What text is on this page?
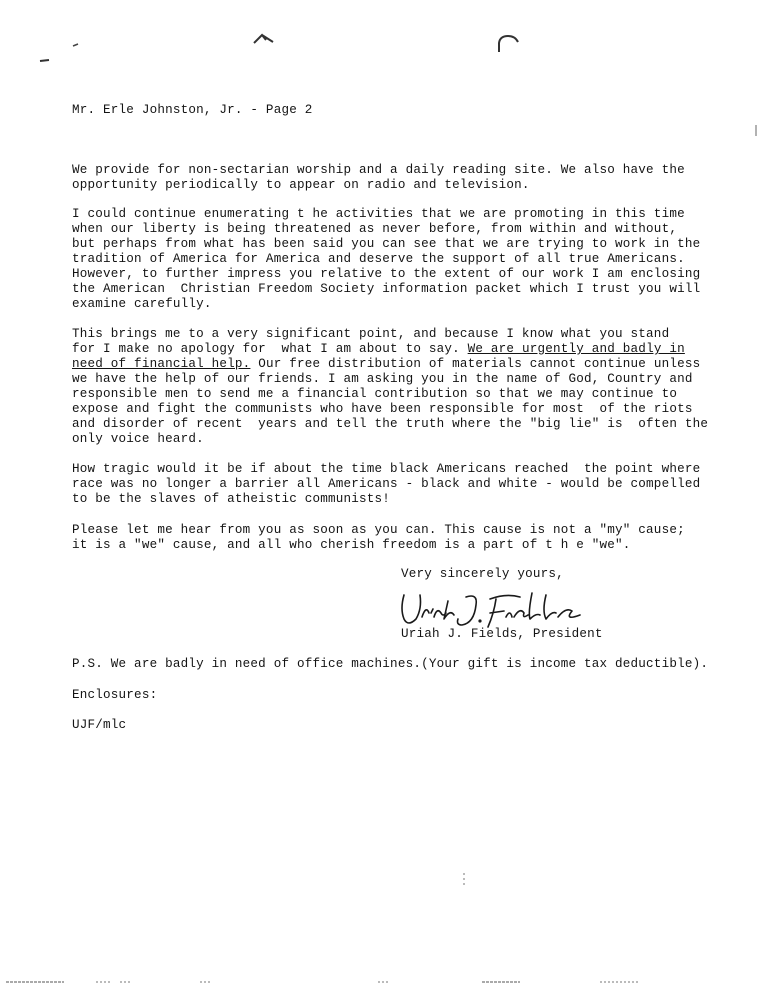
Mr. Erle Johnston, Jr. - Page 2
We provide for non-sectarian worship and a daily reading site. We also have the
opportunity periodically to appear on radio and television.
I could continue enumerating t he activities that we are promoting in this time
when our liberty is being threatened as never before, from within and without,
but perhaps from what has been said you can see that we are trying to work in the
tradition of America for America and deserve the support of all true Americans.
However, to further impress you relative to the extent of our work I am enclosing
the American  Christian Freedom Society information packet which I trust you will
examine carefully.
This brings me to a very significant point, and because I know what you stand
for I make no apology for  what I am about to say. We are urgently and badly in
need of financial help. Our free distribution of materials cannot continue unless
we have the help of our friends. I am asking you in the name of God, Country and
responsible men to send me a financial contribution so that we may continue to
expose and fight the communists who have been responsible for most  of the riots
and disorder of recent  years and tell the truth where the "big lie" is  often the
only voice heard.
How tragic would it be if about the time black Americans reached  the point where
race was no longer a barrier all Americans - black and white - would be compelled
to be the slaves of atheistic communists!
Please let me hear from you as soon as you can. This cause is not a "my" cause;
it is a "we" cause, and all who cherish freedom is a part of t h e "we".
Very sincerely yours,
Uriah J. Fields, President
P.S. We are badly in need of office machines.(Your gift is income tax deductible).
Enclosures:
UJF/mlc
